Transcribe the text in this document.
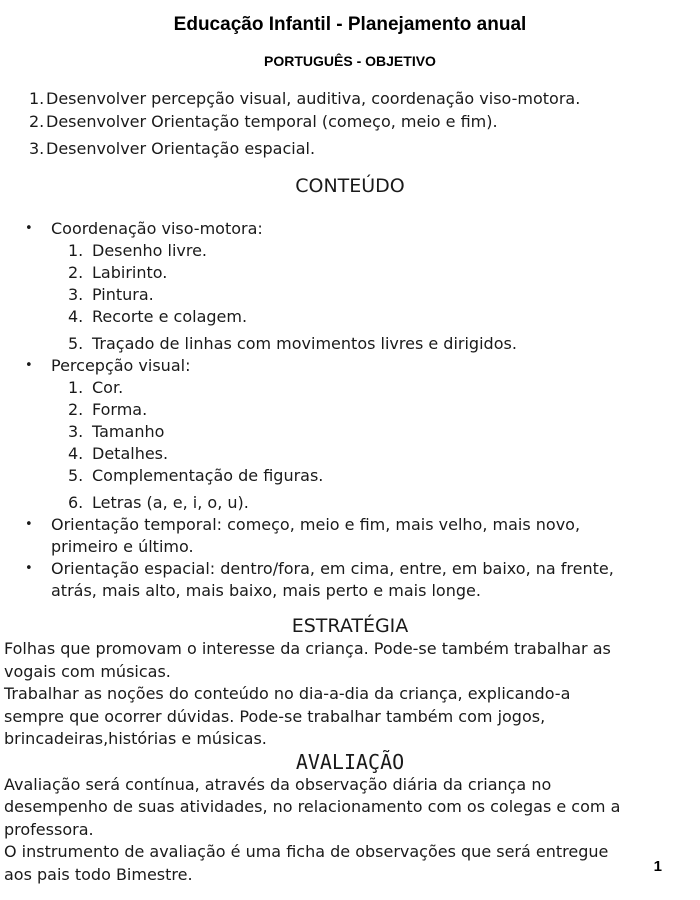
Educação Infantil - Planejamento anual
PORTUGUÊS - OBJETIVO
1. Desenvolver percepção visual, auditiva, coordenação viso-motora.
2. Desenvolver Orientação temporal (começo, meio e fim).
3. Desenvolver Orientação espacial.
CONTEÚDO
• Coordenação viso-motora:
1. Desenho livre.
2. Labirinto.
3. Pintura.
4. Recorte e colagem.
5. Traçado de linhas com movimentos livres e dirigidos.
• Percepção visual:
1. Cor.
2. Forma.
3. Tamanho
4. Detalhes.
5. Complementação de figuras.
6. Letras (a, e, i, o, u).
• Orientação temporal: começo, meio e fim, mais velho, mais novo,
primeiro e último.
• Orientação espacial: dentro/fora, em cima, entre, em baixo, na frente,
atrás, mais alto, mais baixo, mais perto e mais longe.
ESTRATÉGIA
Folhas que promovam o interesse da criança. Pode-se também trabalhar as
vogais com músicas.
Trabalhar as noções do conteúdo no dia-a-dia da criança, explicando-a
sempre que ocorrer dúvidas. Pode-se trabalhar também com jogos,
brincadeiras,histórias e músicas.
AVALIAÇÃO
Avaliação será contínua, através da observação diária da criança no
desempenho de suas atividades, no relacionamento com os colegas e com a
professora.
O instrumento de avaliação é uma ficha de observações que será entregue
aos pais todo Bimestre.	1
